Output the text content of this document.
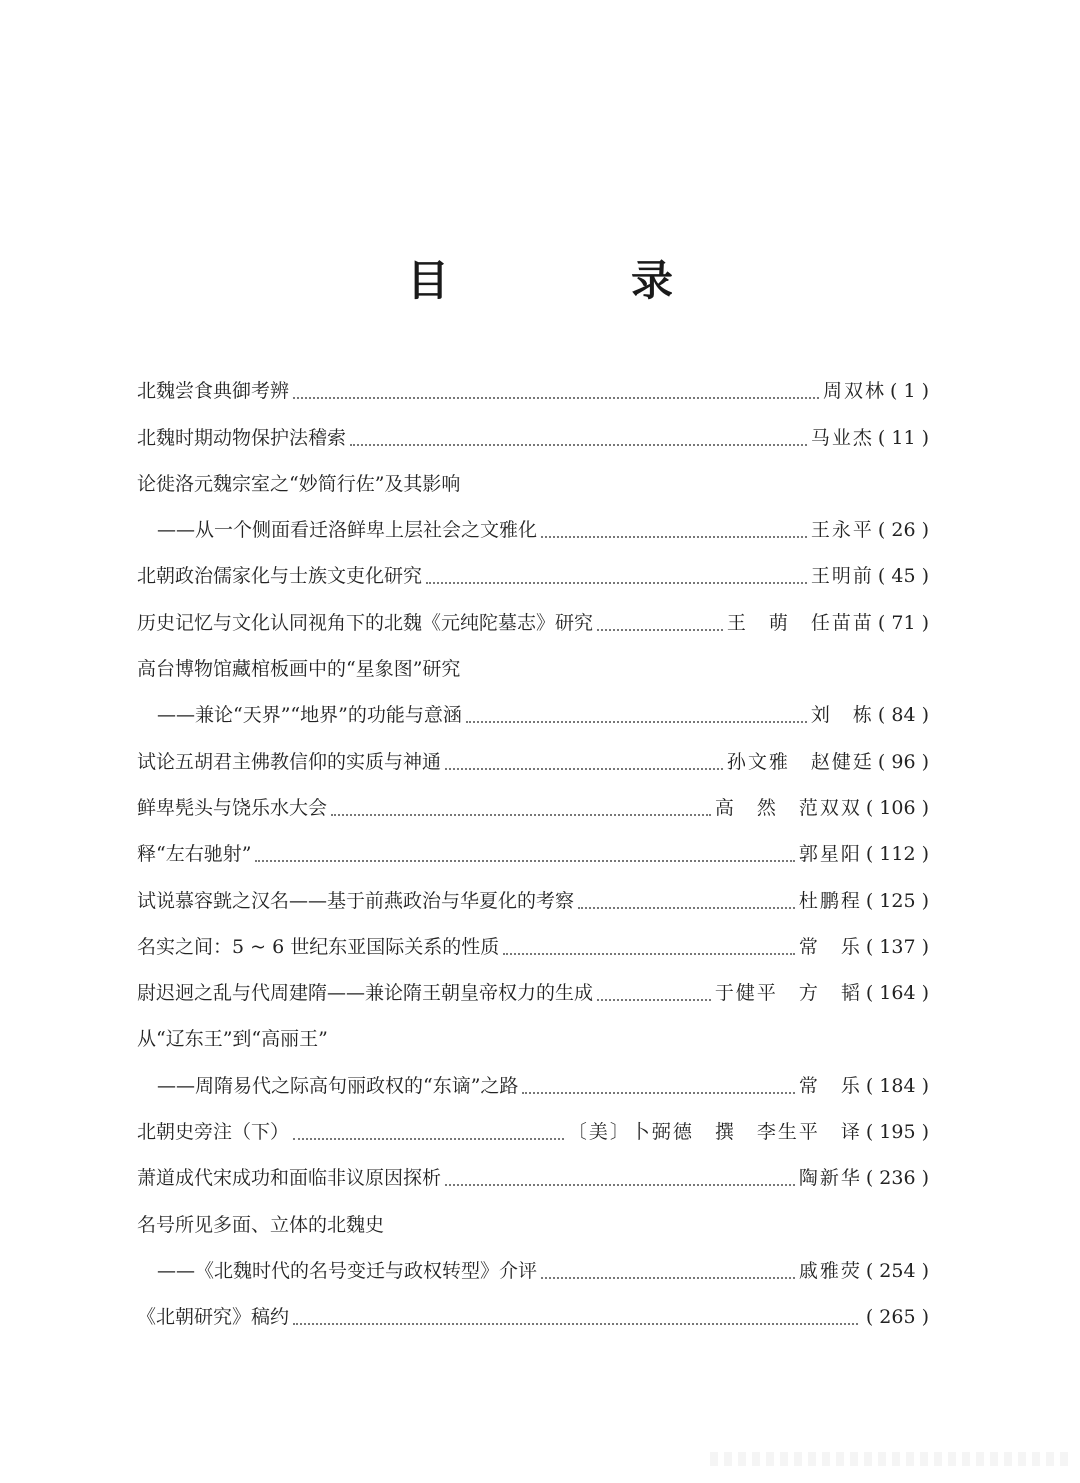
目　录
北魏尝食典御考辨	周双林 ( 1 )
北魏时期动物保护法稽索	马业杰 ( 11 )
论徙洛元魏宗室之“妙简行佐”及其影响
——从一个侧面看迁洛鲜卑上层社会之文雅化	王永平 ( 26 )
北朝政治儒家化与士族文吏化研究	王明前 ( 45 )
历史记忆与文化认同视角下的北魏《元纯陀墓志》研究	王　萌　任苗苗 ( 71 )
高台博物馆藏棺板画中的“星象图”研究
——兼论“天界”“地界”的功能与意涵	刘　栋 ( 84 )
试论五胡君主佛教信仰的实质与神通	孙文雅　赵健廷 ( 96 )
鲜卑髡头与饶乐水大会	高　然　范双双 ( 106 )
释“左右驰射”	郭星阳 ( 112 )
试说慕容皝之汉名——基于前燕政治与华夏化的考察	杜鹏程 ( 125 )
名实之间：5 ~ 6 世纪东亚国际关系的性质	常　乐 ( 137 )
尉迟迥之乱与代周建隋——兼论隋王朝皇帝权力的生成	于健平　方　韬 ( 164 )
从“辽东王”到“高丽王”
——周隋易代之际高句丽政权的“东谪”之路	常　乐 ( 184 )
北朝史旁注（下）	〔美〕卜弼德　撰　李生平　译 ( 195 )
萧道成代宋成功和面临非议原因探析	陶新华 ( 236 )
名号所见多面、立体的北魏史
——《北魏时代的名号变迁与政权转型》介评	戚雅荧 ( 254 )
《北朝研究》稿约	( 265 )
